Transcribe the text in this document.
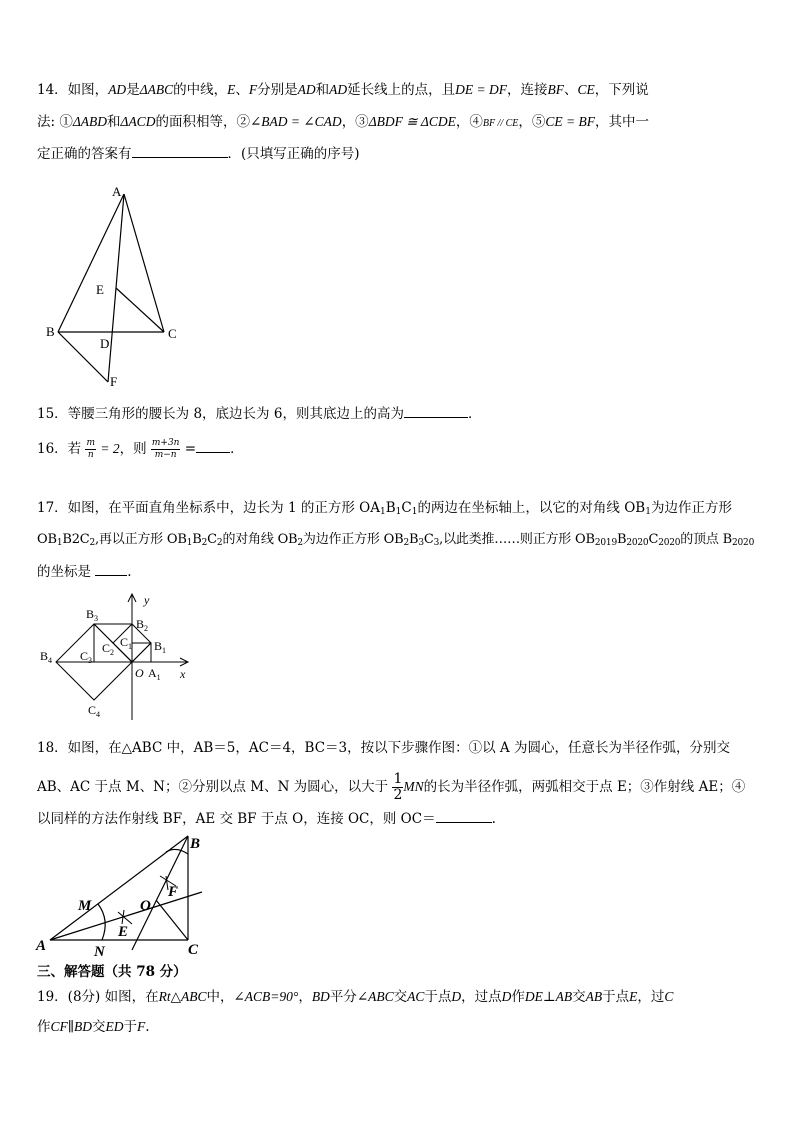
14．如图，AD是ΔABC的中线，E、F分别是AD和AD延长线上的点，且DE = DF，连接BF、CE，下列说
法: ①ΔABD和ΔACD的面积相等，②∠BAD = ∠CAD，③ΔBDF ≅ ΔCDE，④BF // CE，⑤CE = BF，其中一
定正确的答案有	．(只填写正确的序号)
A
B	C
D
E
F
15．等腰三角形的腰长为 8，底边长为 6，则其底边上的高为	．
16．若 $\frac{m}{n} = 2$，则 $\frac{m+3n}{m-n}$ =	．
17．如图，在平面直角坐标系中，边长为 1 的正方形 $OA_1B_1C_1$的两边在坐标轴上，以它的对角线 $OB_1$为边作正方形
$OB_1B2C_2$,再以正方形 $OB_1B_2C_2$的对角线 $OB_2$为边作正方形 $OB_2B_3C_3$,以此类推……则正方形 $OB_{2019}B_{2020}C_{2020}$的顶点 $B_{2020}$
的坐标是	.
y
x
O $A_1$
$B_1$
$B_2$
$B_3$
$B_4$
$C_1$
$C_2$
$C_3$
$C_4$
18．如图，在△ABC 中，AB＝5，AC＝4，BC＝3，按以下步骤作图：①以 A 为圆心，任意长为半径作弧，分别交
AB、AC 于点 M、N；②分别以点 M、N 为圆心，以大于 $\frac{1}{2}MN$的长为半径作弧，两弧相交于点 E；③作射线 AE；④
以同样的方法作射线 BF，AE 交 BF 于点 O，连接 OC，则 OC＝	.
A
B
C
M
N
E
F
O
三、解答题（共 78 分）
19．(8分) 如图，在Rt△ABC中，∠ACB=90°，BD平分∠ABC交AC于点D，过点D作DE⊥AB交AB于点E，过C
作CF∥BD交ED于F.
